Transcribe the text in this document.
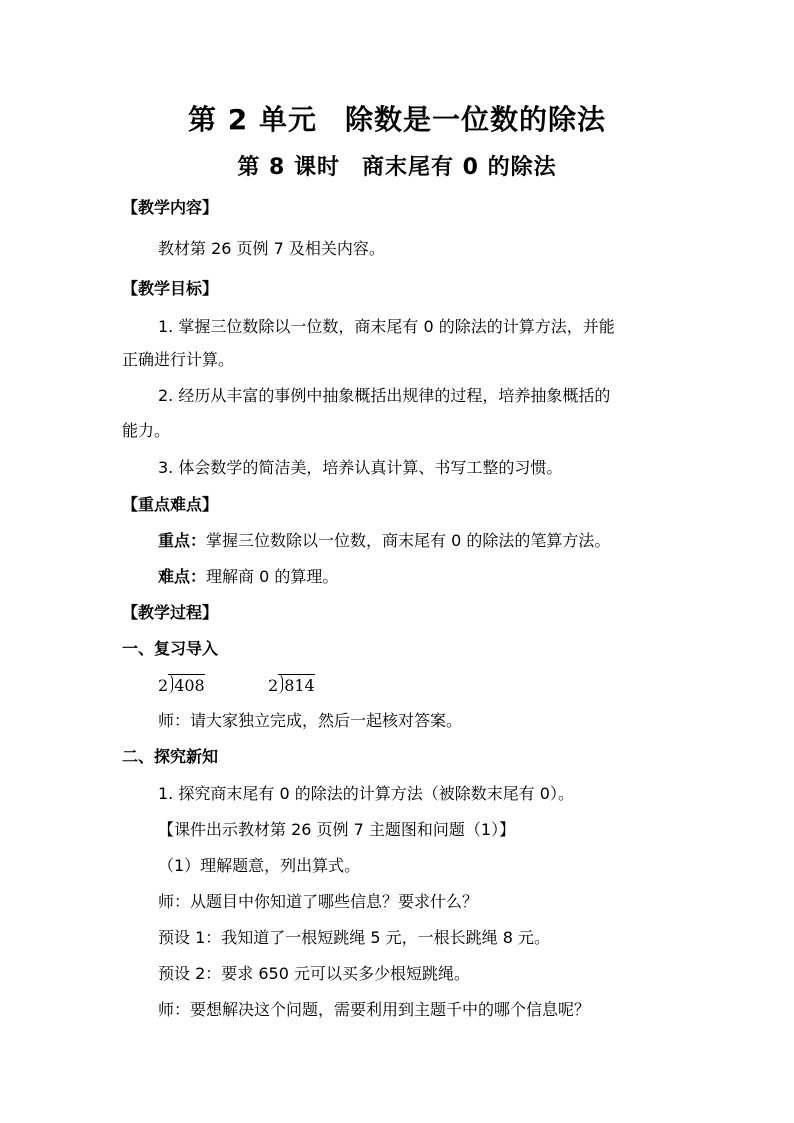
第 2 单元 除数是一位数的除法
第 8 课时 商末尾有 0 的除法
【教学内容】
教材第 26 页例 7 及相关内容。
【教学目标】
1. 掌握三位数除以一位数，商末尾有 0 的除法的计算方法，并能
正确进行计算。
2. 经历从丰富的事例中抽象概括出规律的过程，培养抽象概括的
能力。
3. 体会数学的简洁美，培养认真计算、书写工整的习惯。
【重点难点】
重点：掌握三位数除以一位数，商末尾有 0 的除法的笔算方法。
难点：理解商 0 的算理。
【教学过程】
一、复习导入
2 408	2 814
师：请大家独立完成，然后一起核对答案。
二、探究新知
1. 探究商末尾有 0 的除法的计算方法（被除数末尾有 0）。
【课件出示教材第 26 页例 7 主题图和问题（1）】
（1）理解题意，列出算式。
师：从题目中你知道了哪些信息？要求什么？
预设 1：我知道了一根短跳绳 5 元，一根长跳绳 8 元。
预设 2：要求 650 元可以买多少根短跳绳。
师：要想解决这个问题，需要利用到主题千中的哪个信息呢？
